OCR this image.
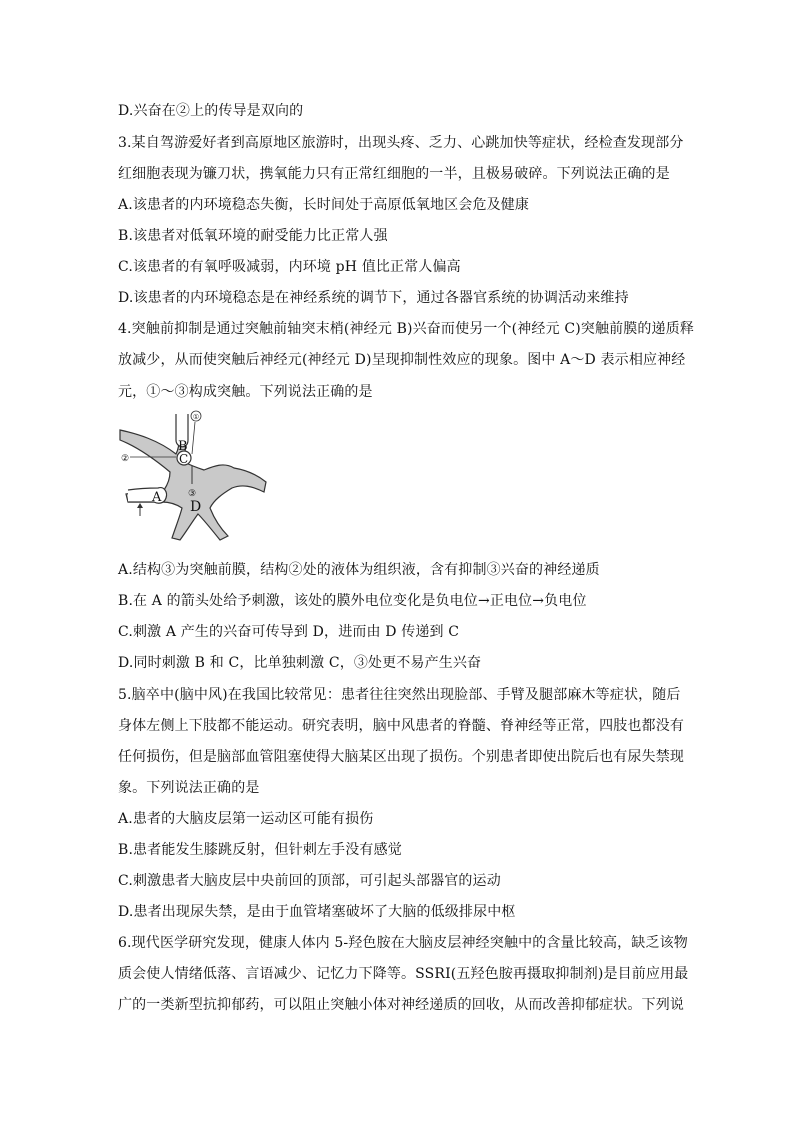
D.兴奋在②上的传导是双向的
3.某自驾游爱好者到高原地区旅游时，出现头疼、乏力、心跳加快等症状，经检查发现部分
红细胞表现为镰刀状，携氧能力只有正常红细胞的一半，且极易破碎。下列说法正确的是
A.该患者的内环境稳态失衡，长时间处于高原低氧地区会危及健康
B.该患者对低氧环境的耐受能力比正常人强
C.该患者的有氧呼吸减弱，内环境 pH 值比正常人偏高
D.该患者的内环境稳态是在神经系统的调节下，通过各器官系统的协调活动来维持
4.突触前抑制是通过突触前轴突末梢(神经元 B)兴奋而使另一个(神经元 C)突触前膜的递质释
放减少，从而使突触后神经元(神经元 D)呈现抑制性效应的现象。图中 A～D 表示相应神经
元，①～③构成突触。下列说法正确的是
①
②
③
B
C
A
D
A.结构③为突触前膜，结构②处的液体为组织液，含有抑制③兴奋的神经递质
B.在 A 的箭头处给予刺激，该处的膜外电位变化是负电位→正电位→负电位
C.刺激 A 产生的兴奋可传导到 D，进而由 D 传递到 C
D.同时刺激 B 和 C，比单独刺激 C，③处更不易产生兴奋
5.脑卒中(脑中风)在我国比较常见：患者往往突然出现脸部、手臂及腿部麻木等症状，随后
身体左侧上下肢都不能运动。研究表明，脑中风患者的脊髓、脊神经等正常，四肢也都没有
任何损伤，但是脑部血管阻塞使得大脑某区出现了损伤。个别患者即使出院后也有尿失禁现
象。下列说法正确的是
A.患者的大脑皮层第一运动区可能有损伤
B.患者能发生膝跳反射，但针刺左手没有感觉
C.刺激患者大脑皮层中央前回的顶部，可引起头部器官的运动
D.患者出现尿失禁，是由于血管堵塞破坏了大脑的低级排尿中枢
6.现代医学研究发现，健康人体内 5-羟色胺在大脑皮层神经突触中的含量比较高，缺乏该物
质会使人情绪低落、言语减少、记忆力下降等。SSRI(五羟色胺再摄取抑制剂)是目前应用最
广的一类新型抗抑郁药，可以阻止突触小体对神经递质的回收，从而改善抑郁症状。下列说
